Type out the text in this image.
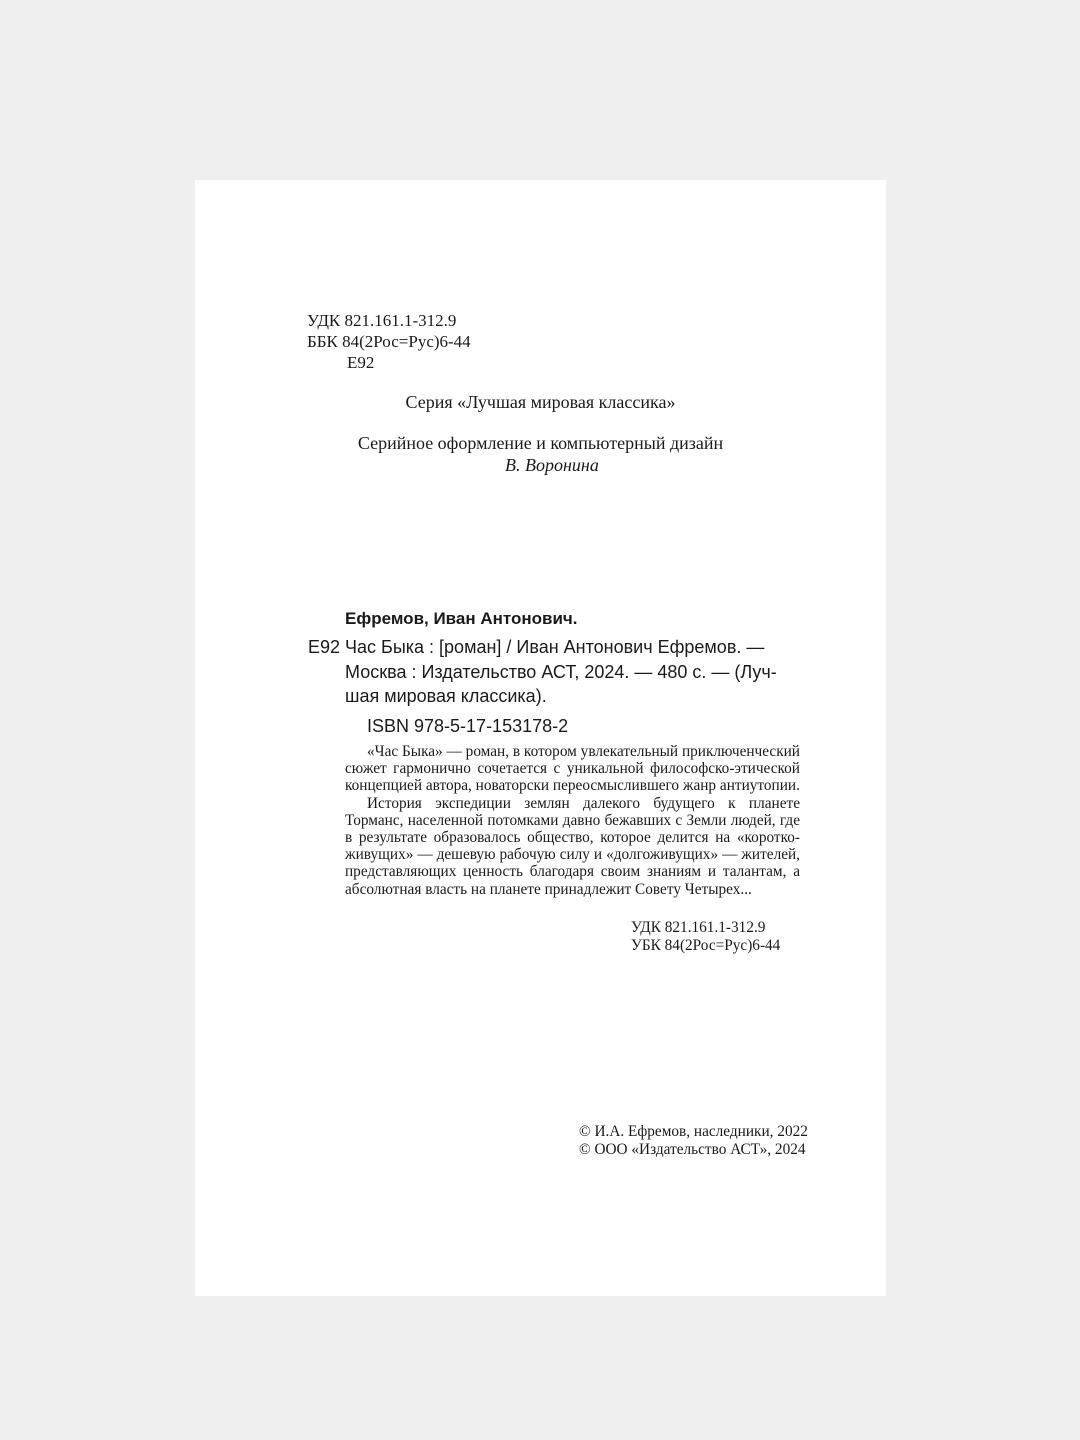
УДК 821.161.1-312.9
ББК 84(2Рос=Рус)6-44
Е92
Серия «Лучшая мировая классика»
Серийное оформление и компьютерный дизайн
В. Воронина
Ефремов, Иван Антонович.
Е92 Час Быка : [роман] / Иван Антонович Ефремов. —
Москва : Издательство АСТ, 2024. — 480 с. — (Луч-
шая мировая классика).
ISBN 978-5-17-153178-2

«Час Быка» — роман, в котором увлекательный приключенческий сюжет гармонично сочетается с уникальной философско-этической концепцией автора, новаторски переосмыслившего жанр антиутопии.

История экспедиции землян далекого будущего к планете Торманс, населенной потомками давно бежавших с Земли людей, где в результате образовалось общество, которое делится на «коротко-живущих» — дешевую рабочую силу и «долгоживущих» — жителей, представляющих ценность благодаря своим знаниям и талантам, а абсолютная власть на планете принадлежит Совету Четырех...

УДК 821.161.1-312.9
УБК 84(2Рос=Рус)6-44
© И.А. Ефремов, наследники, 2022
© ООО «Издательство АСТ», 2024
